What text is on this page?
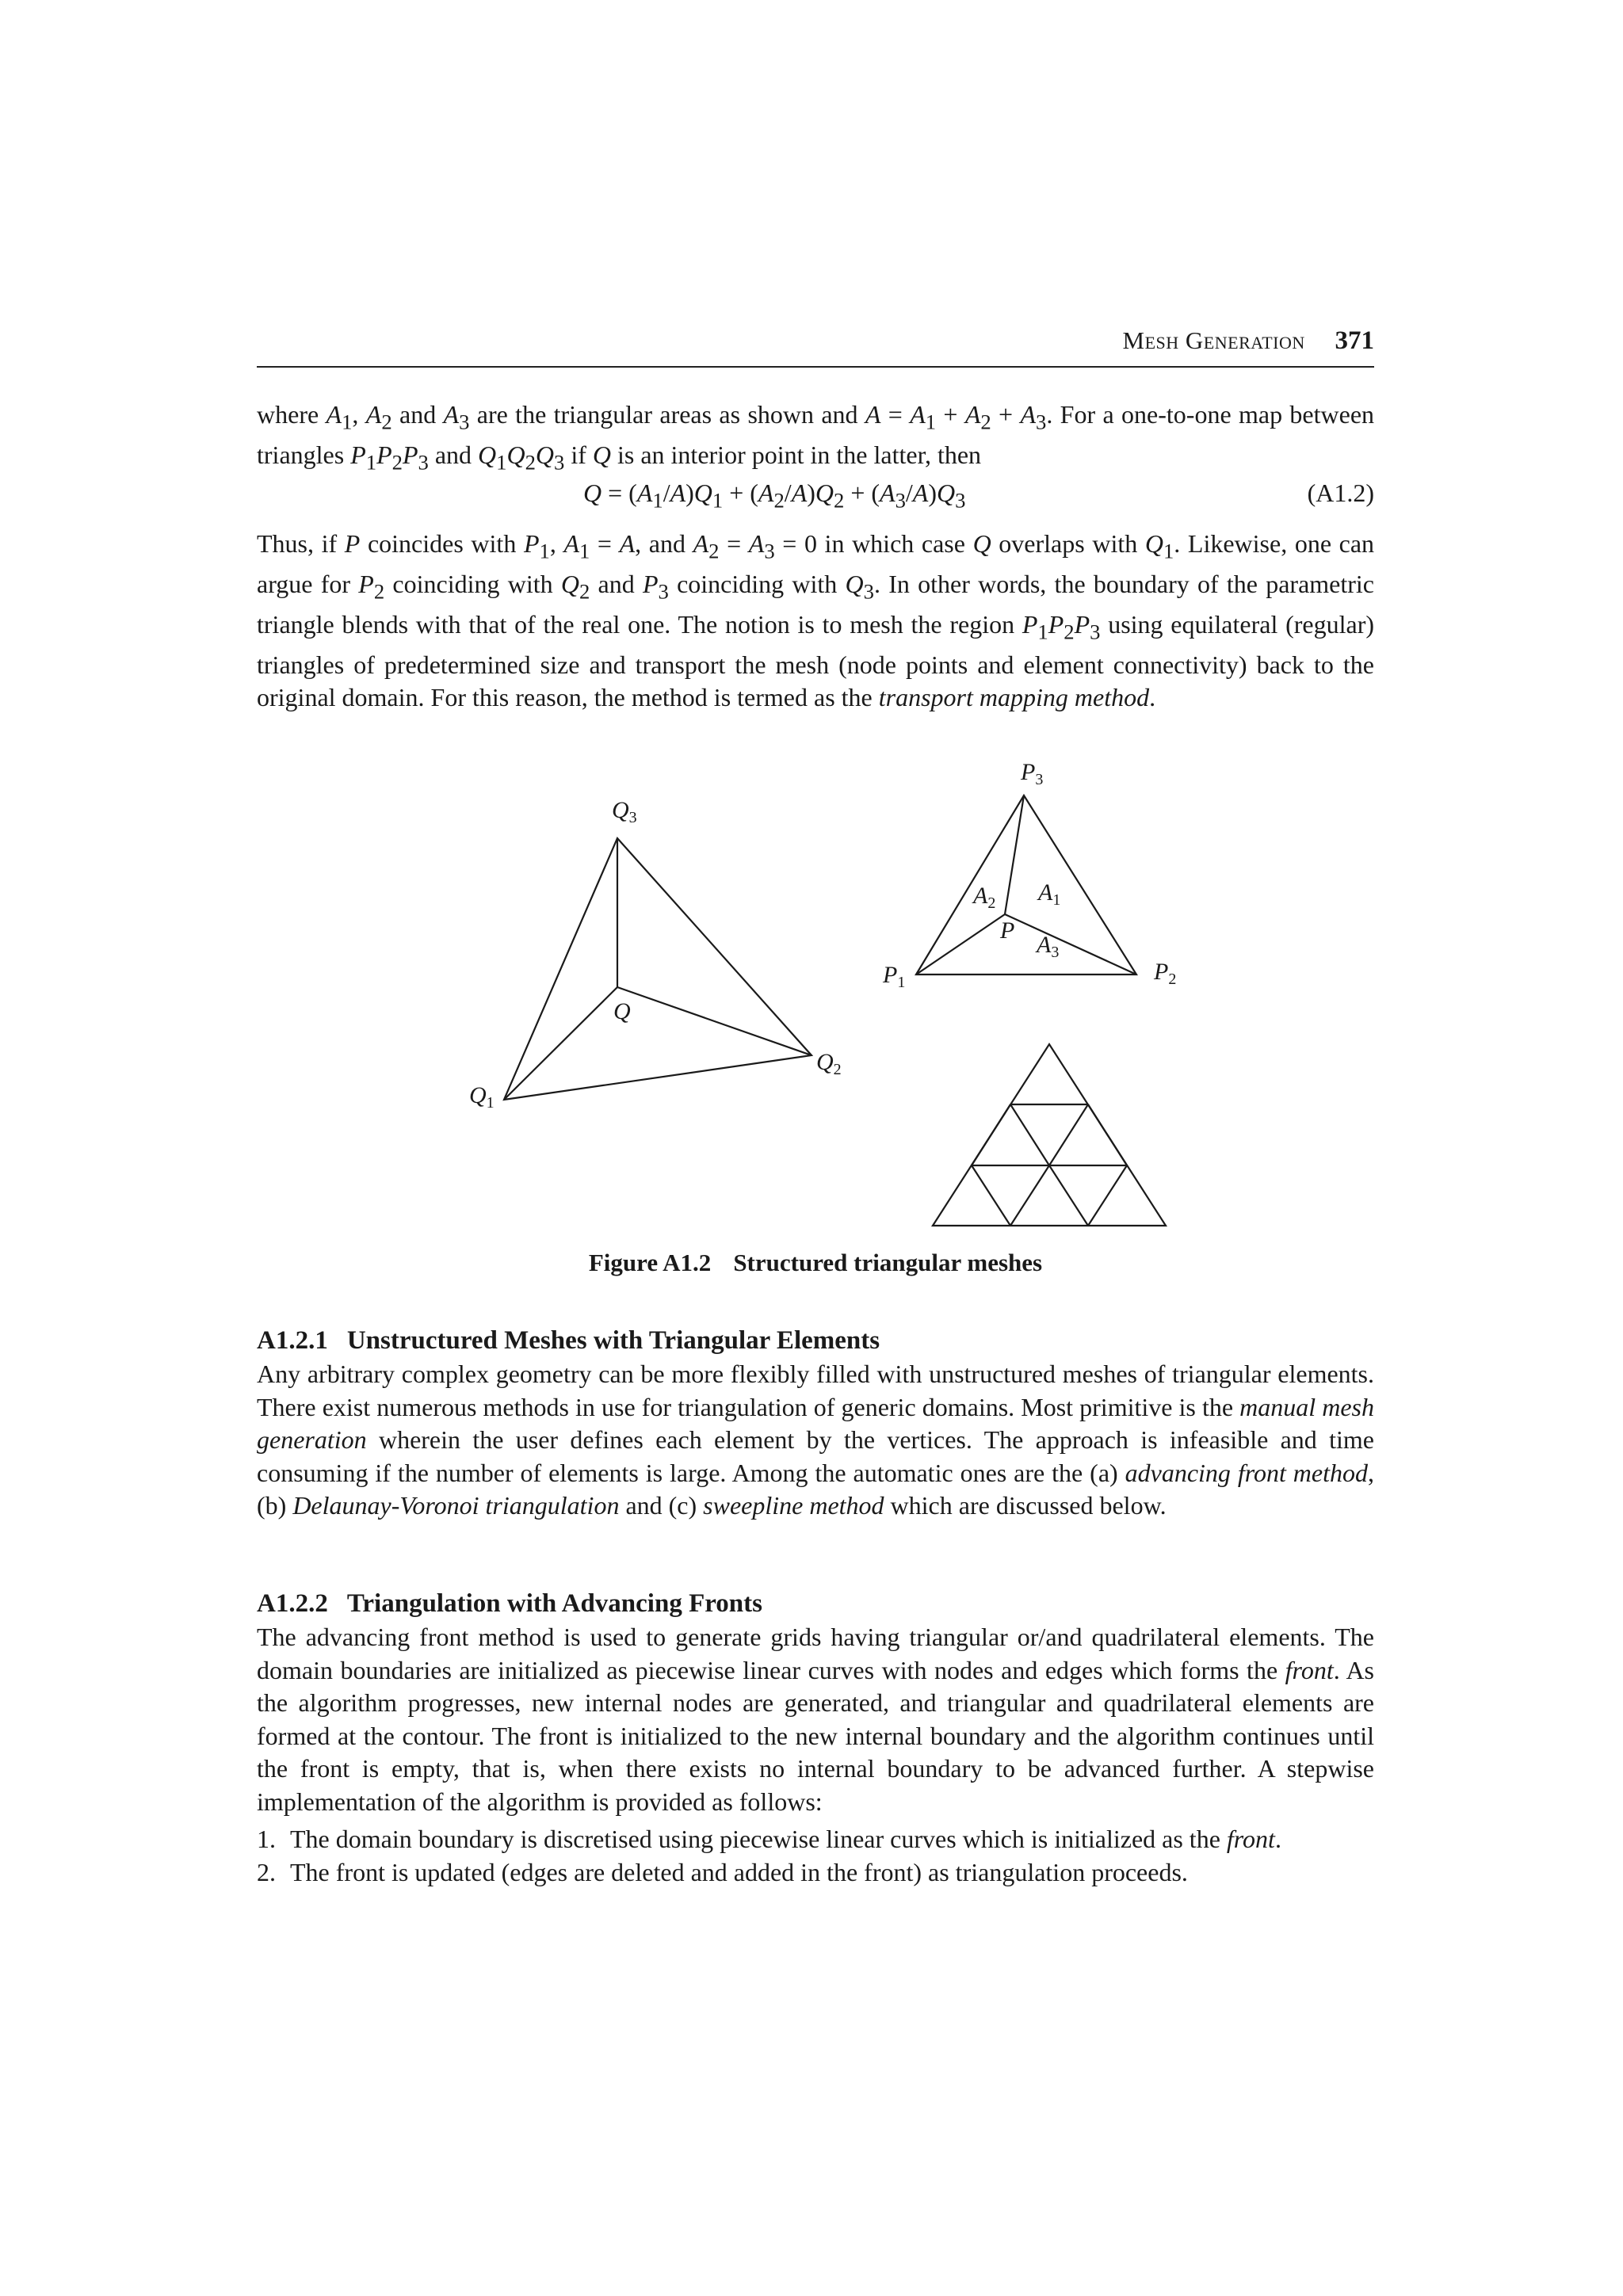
Mesh Generation 371

where $A_1$, $A_2$ and $A_3$ are the triangular areas as shown and $A = A_1 + A_2 + A_3$. For a one-to-one map between triangles $P_1P_2P_3$ and $Q_1Q_2Q_3$ if Q is an interior point in the latter, then

$Q = (A_1/A)Q_1 + (A_2/A)Q_2 + (A_3/A)Q_3$	(A1.2)

Thus, if P coincides with $P_1$, $A_1 = A$, and $A_2 = A_3 = 0$ in which case Q overlaps with $Q_1$. Likewise, one can argue for $P_2$ coinciding with $Q_2$ and $P_3$ coinciding with $Q_3$. In other words, the boundary of the parametric triangle blends with that of the real one. The notion is to mesh the region $P_1P_2P_3$ using equilateral (regular) triangles of predetermined size and transport the mesh (node points and element connectivity) back to the original domain. For this reason, the method is termed as the transport mapping method.

$Q_3$
Q
$Q_1$
$Q_2$
$P_3$
$A_2$ $A_1$
P
$A_3$
$P_1$	$P_2$
Figure A1.2 Structured triangular meshes
A1.2.1 Unstructured Meshes with Triangular Elements

Any arbitrary complex geometry can be more flexibly filled with unstructured meshes of triangular elements. There exist numerous methods in use for triangulation of generic domains. Most primitive is the manual mesh generation wherein the user defines each element by the vertices. The approach is infeasible and time consuming if the number of elements is large. Among the automatic ones are the (a) advancing front method, (b) Delaunay-Voronoi triangulation and (c) sweepline method which are discussed below.

A1.2.2 Triangulation with Advancing Fronts

The advancing front method is used to generate grids having triangular or/and quadrilateral elements. The domain boundaries are initialized as piecewise linear curves with nodes and edges which forms the front. As the algorithm progresses, new internal nodes are generated, and triangular and quadrilateral elements are formed at the contour. The front is initialized to the new internal boundary and the algorithm continues until the front is empty, that is, when there exists no internal boundary to be advanced further. A stepwise implementation of the algorithm is provided as follows:

1. The domain boundary is discretised using piecewise linear curves which is initialized as the front.
2. The front is updated (edges are deleted and added in the front) as triangulation proceeds.
